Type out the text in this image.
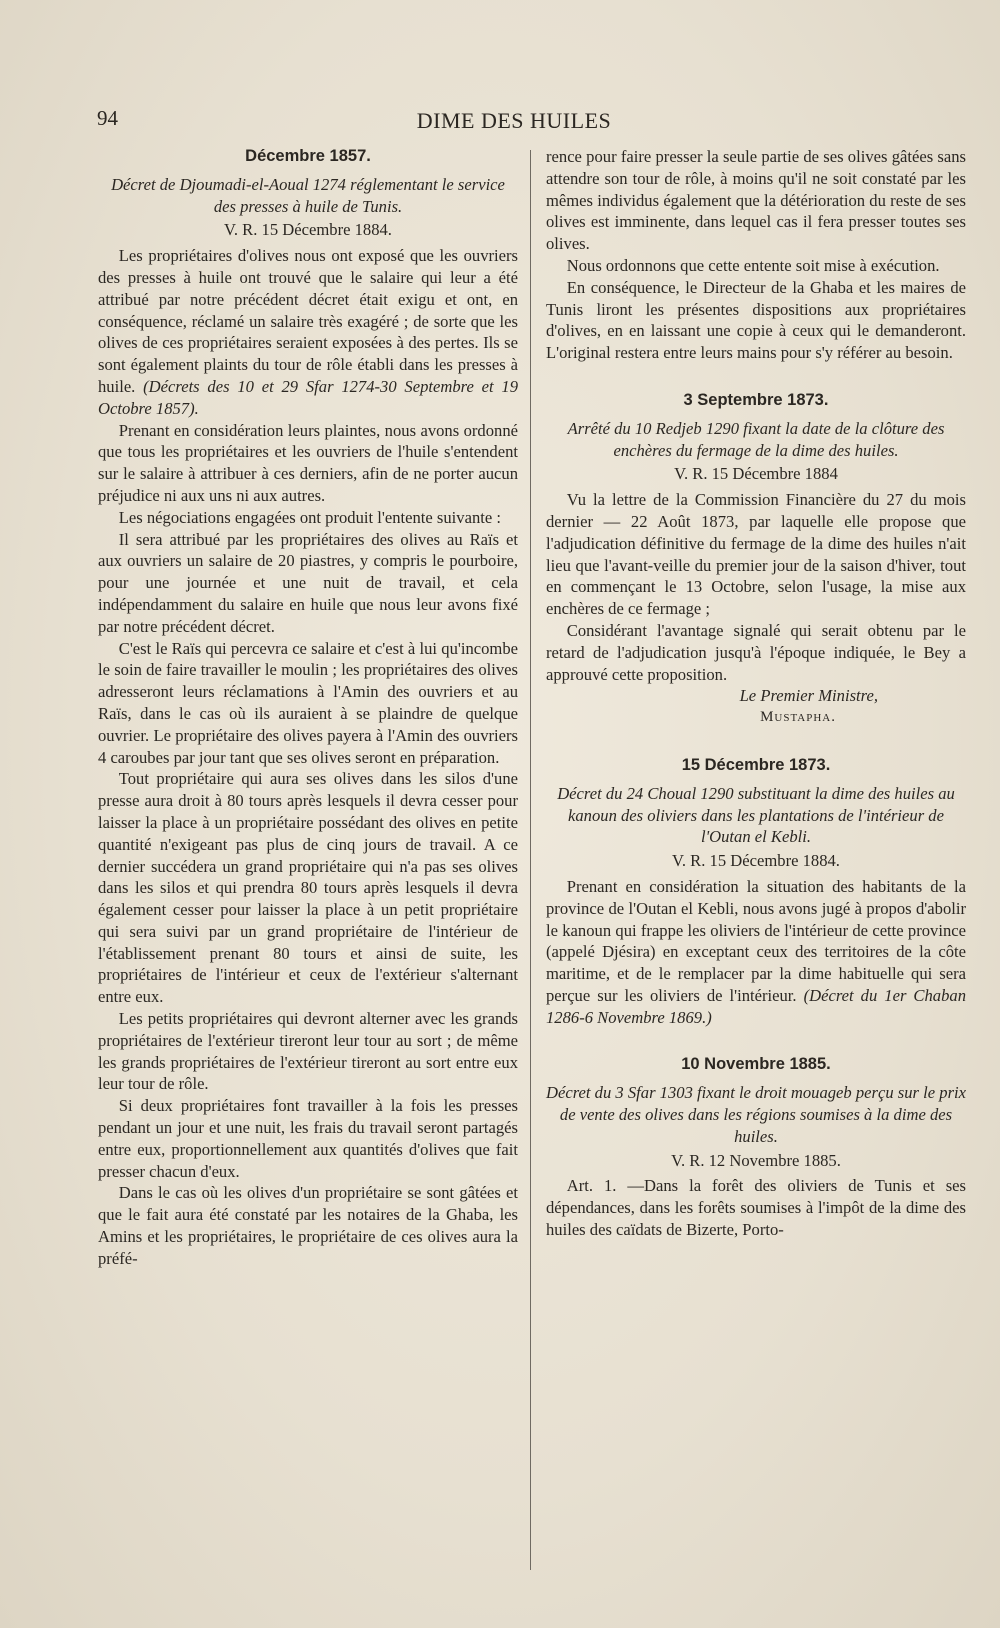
94	DIME DES HUILES

Décembre 1857.

Décret de Djoumadi-el-Aoual 1274 réglementant le service des presses à huile de Tunis.

V. R. 15 Décembre 1884.

Les propriétaires d'olives nous ont exposé que les ouvriers des presses à huile ont trouvé que le salaire qui leur a été attribué par notre précédent décret était exigu et ont, en conséquence, réclamé un salaire très exagéré ; de sorte que les olives de ces propriétaires seraient exposées à des pertes. Ils se sont également plaints du tour de rôle établi dans les presses à huile. (Décrets des 10 et 29 Sfar 1274-30 Septembre et 19 Octobre 1857).

Prenant en considération leurs plaintes, nous avons ordonné que tous les propriétaires et les ouvriers de l'huile s'entendent sur le salaire à attribuer à ces derniers, afin de ne porter aucun préjudice ni aux uns ni aux autres.

Les négociations engagées ont produit l'entente suivante :

Il sera attribué par les propriétaires des olives au Raïs et aux ouvriers un salaire de 20 piastres, y compris le pourboire, pour une journée et une nuit de travail, et cela indépendamment du salaire en huile que nous leur avons fixé par notre précédent décret.

C'est le Raïs qui percevra ce salaire et c'est à lui qu'incombe le soin de faire travailler le moulin ; les propriétaires des olives adresseront leurs réclamations à l'Amin des ouvriers et au Raïs, dans le cas où ils auraient à se plaindre de quelque ouvrier. Le propriétaire des olives payera à l'Amin des ouvriers 4 caroubes par jour tant que ses olives seront en préparation.

Tout propriétaire qui aura ses olives dans les silos d'une presse aura droit à 80 tours après lesquels il devra cesser pour laisser la place à un propriétaire possédant des olives en petite quantité n'exigeant pas plus de cinq jours de travail. A ce dernier succédera un grand propriétaire qui n'a pas ses olives dans les silos et qui prendra 80 tours après lesquels il devra également cesser pour laisser la place à un petit propriétaire qui sera suivi par un grand propriétaire de l'intérieur de l'établissement prenant 80 tours et ainsi de suite, les propriétaires de l'intérieur et ceux de l'extérieur s'alternant entre eux.

Les petits propriétaires qui devront alterner avec les grands propriétaires de l'extérieur tireront leur tour au sort ; de même les grands propriétaires de l'extérieur tireront au sort entre eux leur tour de rôle.

Si deux propriétaires font travailler à la fois les presses pendant un jour et une nuit, les frais du travail seront partagés entre eux, proportionnellement aux quantités d'olives que fait presser chacun d'eux.

Dans le cas où les olives d'un propriétaire se sont gâtées et que le fait aura été constaté par les notaires de la Ghaba, les Amins et les propriétaires, le propriétaire de ces olives aura la préfé-

rence pour faire presser la seule partie de ses olives gâtées sans attendre son tour de rôle, à moins qu'il ne soit constaté par les mêmes individus également que la détérioration du reste de ses olives est imminente, dans lequel cas il fera presser toutes ses olives.

Nous ordonnons que cette entente soit mise à exécution.

En conséquence, le Directeur de la Ghaba et les maires de Tunis liront les présentes dispositions aux propriétaires d'olives, en en laissant une copie à ceux qui le demanderont. L'original restera entre leurs mains pour s'y référer au besoin.

3 Septembre 1873.

Arrêté du 10 Redjeb 1290 fixant la date de la clôture des enchères du fermage de la dime des huiles.

V. R. 15 Décembre 1884

Vu la lettre de la Commission Financière du 27 du mois dernier — 22 Août 1873, par laquelle elle propose que l'adjudication définitive du fermage de la dime des huiles n'ait lieu que l'avant-veille du premier jour de la saison d'hiver, tout en commençant le 13 Octobre, selon l'usage, la mise aux enchères de ce fermage ;

Considérant l'avantage signalé qui serait obtenu par le retard de l'adjudication jusqu'à l'époque indiquée, le Bey a approuvé cette proposition.

Le Premier Ministre,

Mustapha.

15 Décembre 1873.

Décret du 24 Choual 1290 substituant la dime des huiles au kanoun des oliviers dans les plantations de l'intérieur de l'Outan el Kebli.

V. R. 15 Décembre 1884.

Prenant en considération la situation des habitants de la province de l'Outan el Kebli, nous avons jugé à propos d'abolir le kanoun qui frappe les oliviers de l'intérieur de cette province (appelé Djésira) en exceptant ceux des territoires de la côte maritime, et de le remplacer par la dime habituelle qui sera perçue sur les oliviers de l'intérieur. (Décret du 1er Chaban 1286-6 Novembre 1869.)

10 Novembre 1885.

Décret du 3 Sfar 1303 fixant le droit mouageb perçu sur le prix de vente des olives dans les régions soumises à la dime des huiles.

V. R. 12 Novembre 1885.

Art. 1. —Dans la forêt des oliviers de Tunis et ses dépendances, dans les forêts soumises à l'impôt de la dime des huiles des caïdats de Bizerte, Porto-
